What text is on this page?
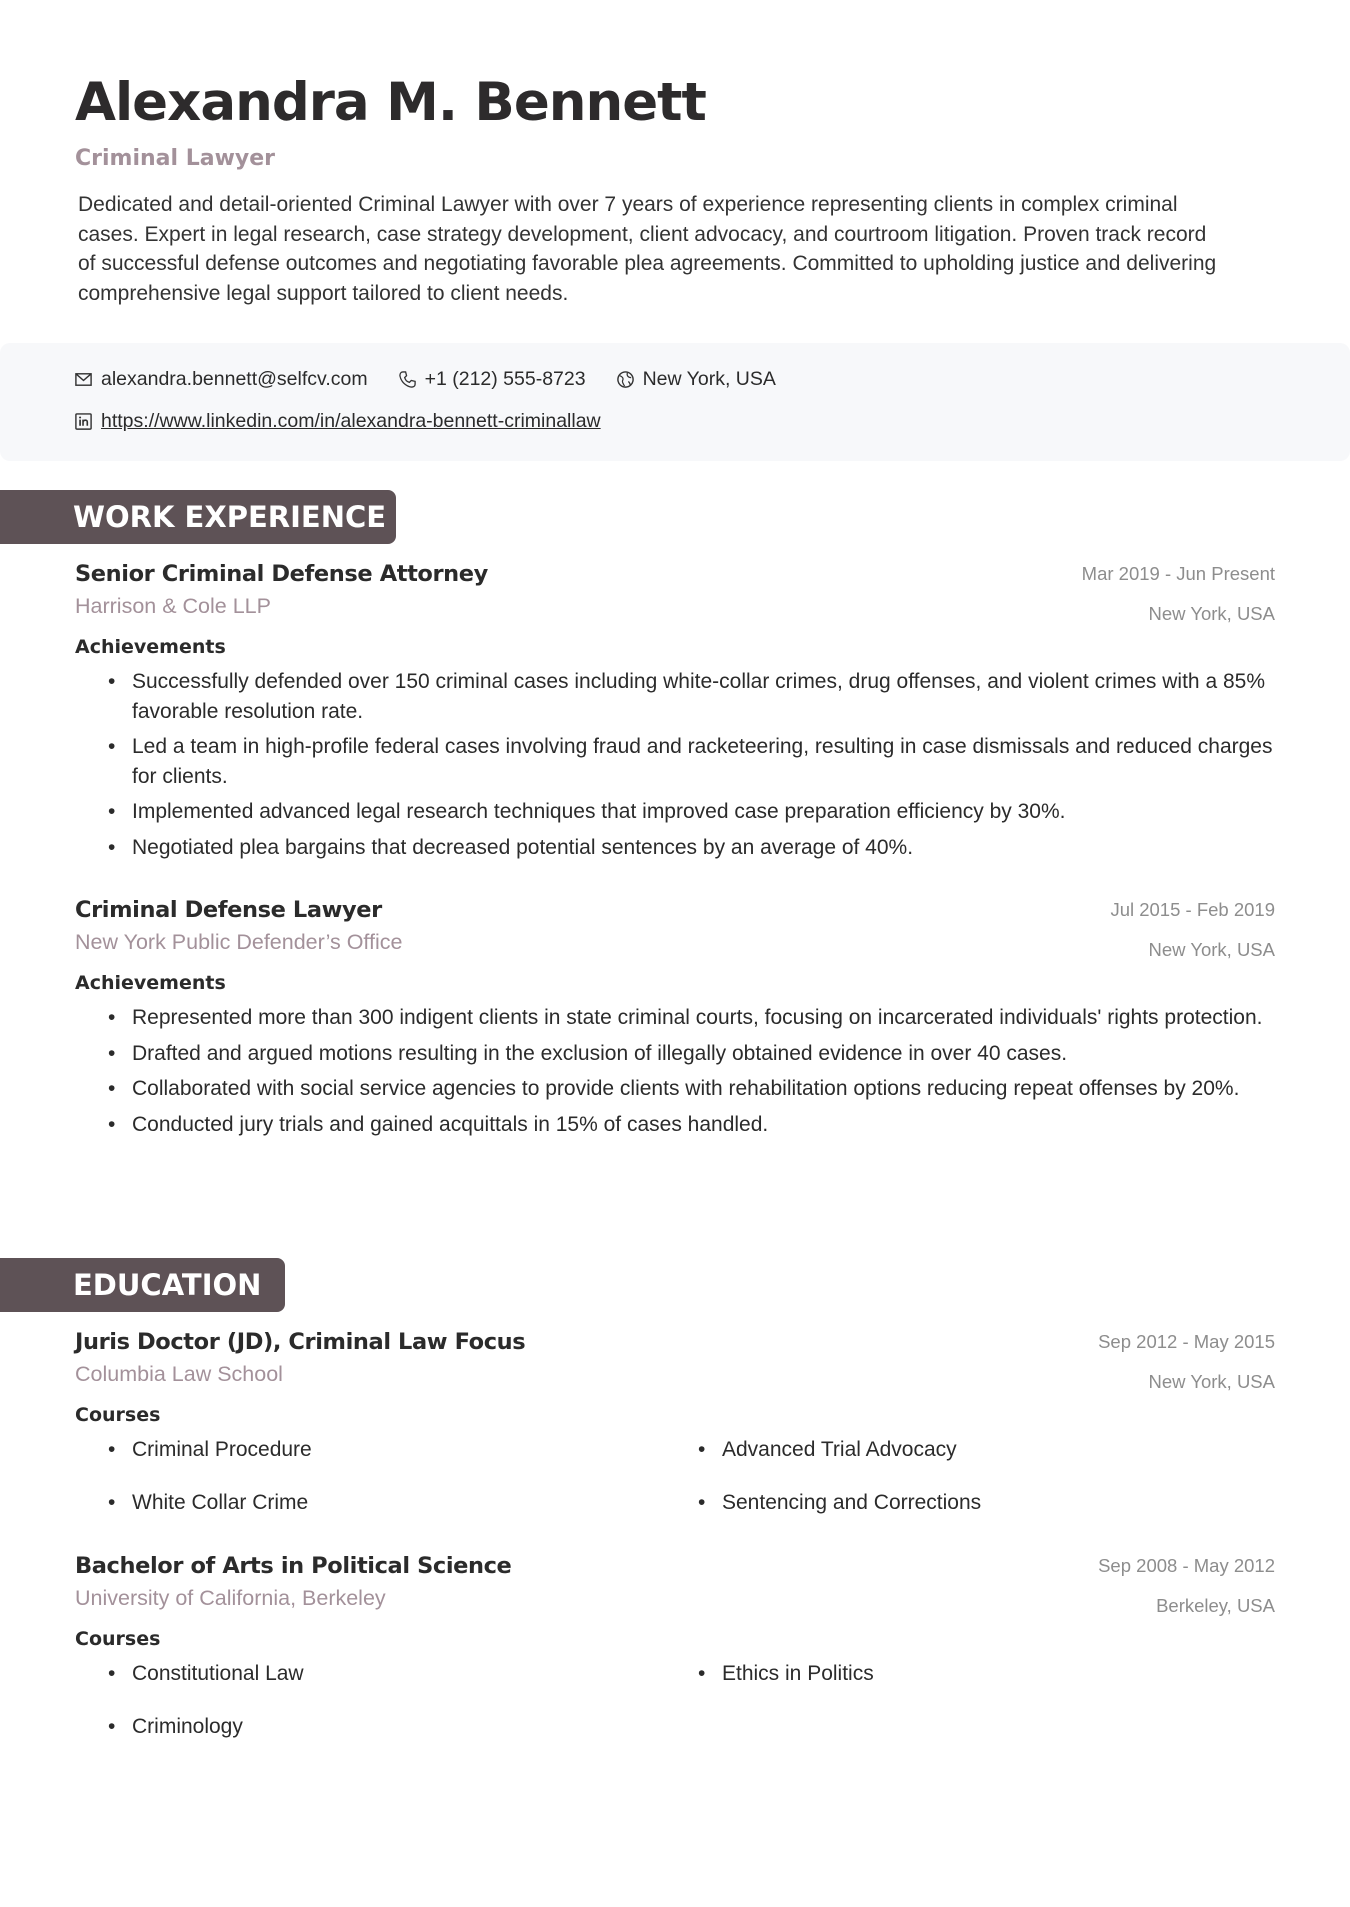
Alexandra M. Bennett
Criminal Lawyer
Dedicated and detail-oriented Criminal Lawyer with over 7 years of experience representing clients in complex criminal cases. Expert in legal research, case strategy development, client advocacy, and courtroom litigation. Proven track record of successful defense outcomes and negotiating favorable plea agreements. Committed to upholding justice and delivering comprehensive legal support tailored to client needs.
alexandra.bennett@selfcv.com	+1 (212) 555-8723	New York, USA
https://www.linkedin.com/in/alexandra-bennett-criminallaw
WORK EXPERIENCE
Senior Criminal Defense Attorney
Harrison & Cole LLP
Mar 2019 - Jun Present
New York, USA
Achievements
• Successfully defended over 150 criminal cases including white-collar crimes, drug offenses, and violent crimes with a 85% favorable resolution rate.
• Led a team in high-profile federal cases involving fraud and racketeering, resulting in case dismissals and reduced charges for clients.
• Implemented advanced legal research techniques that improved case preparation efficiency by 30%.
• Negotiated plea bargains that decreased potential sentences by an average of 40%.
Criminal Defense Lawyer
New York Public Defender’s Office
Jul 2015 - Feb 2019
New York, USA
Achievements
• Represented more than 300 indigent clients in state criminal courts, focusing on incarcerated individuals' rights protection.
• Drafted and argued motions resulting in the exclusion of illegally obtained evidence in over 40 cases.
• Collaborated with social service agencies to provide clients with rehabilitation options reducing repeat offenses by 20%.
• Conducted jury trials and gained acquittals in 15% of cases handled.
EDUCATION
Juris Doctor (JD), Criminal Law Focus
Columbia Law School
Sep 2012 - May 2015
New York, USA
Courses
• Criminal Procedure	• Advanced Trial Advocacy
• White Collar Crime	• Sentencing and Corrections
Bachelor of Arts in Political Science
University of California, Berkeley
Sep 2008 - May 2012
Berkeley, USA
Courses
• Constitutional Law	• Ethics in Politics
• Criminology
